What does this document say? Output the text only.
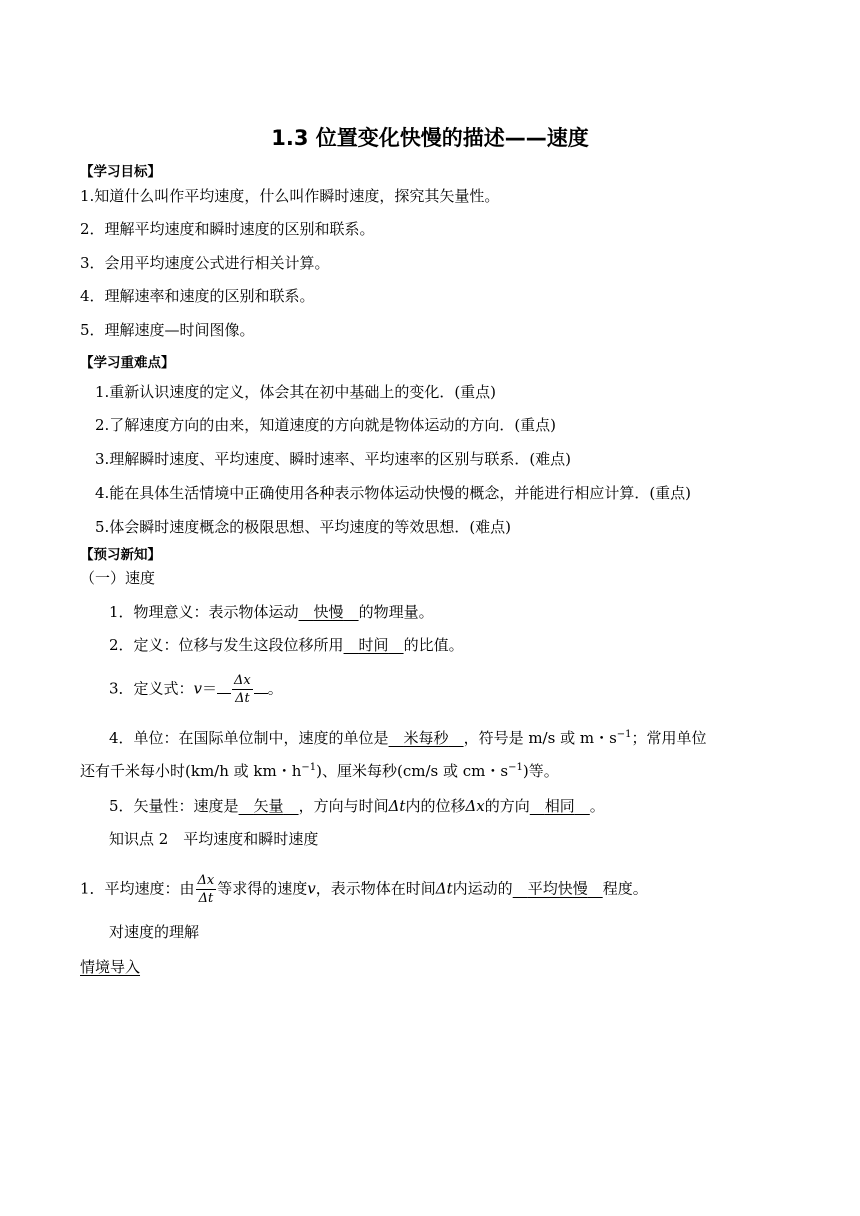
1.3 位置变化快慢的描述——速度
【学习目标】
1.知道什么叫作平均速度，什么叫作瞬时速度，探究其矢量性。
2．理解平均速度和瞬时速度的区别和联系。
3．会用平均速度公式进行相关计算。
4．理解速率和速度的区别和联系。
5．理解速度—时间图像。
【学习重难点】
1.重新认识速度的定义，体会其在初中基础上的变化．(重点)
2.了解速度方向的由来，知道速度的方向就是物体运动的方向．(重点)
3.理解瞬时速度、平均速度、瞬时速率、平均速率的区别与联系．(难点)
4.能在具体生活情境中正确使用各种表示物体运动快慢的概念，并能进行相应计算．(重点)
5.体会瞬时速度概念的极限思想、平均速度的等效思想．(难点)
【预习新知】
（一）速度
1．物理意义：表示物体运动   快慢   的物理量。
2．定义：位移与发生这段位移所用   时间   的比值。
3．定义式：$v= \frac{\Delta x}{\Delta t}$ 。
4．单位：在国际单位制中，速度的单位是   米每秒   ，符号是 m/s 或 m・$s^{-1}$；常用单位
还有千米每小时(km/h 或 km・$h^{-1}$)、厘米每秒(cm/s 或 cm・$s^{-1}$)等。
5．矢量性：速度是   矢量   ，方向与时间Δt内的位移Δx的方向   相同   。
知识点 2　平均速度和瞬时速度
1．平均速度：由 $\frac{\Delta x}{\Delta t}$ 等求得的速度v，表示物体在时间Δt内运动的   平均快慢   程度。
对速度的理解
情境导入
